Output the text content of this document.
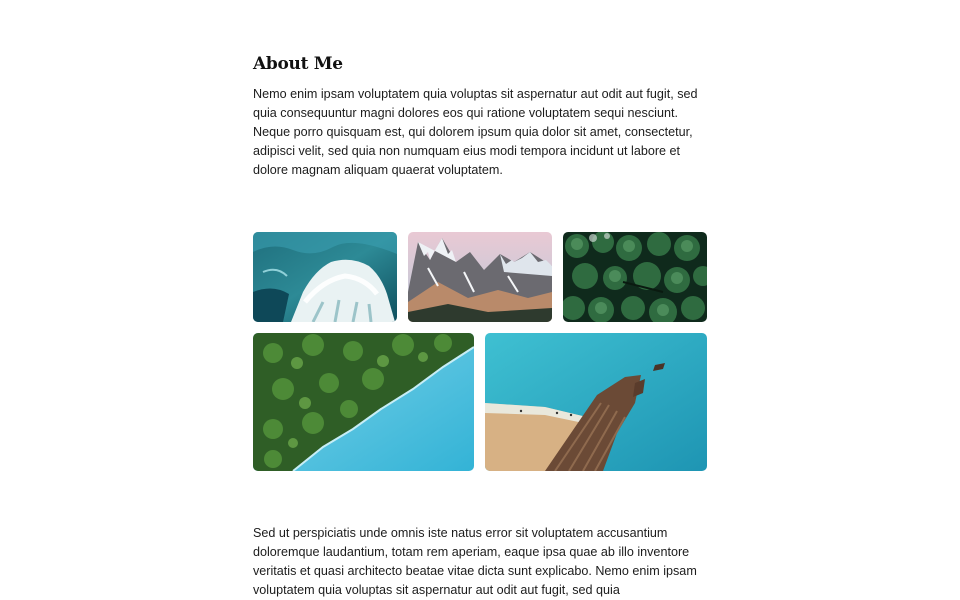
About Me

Nemo enim ipsam voluptatem quia voluptas sit aspernatur aut odit aut fugit, sed quia consequuntur magni dolores eos qui ratione voluptatem sequi nesciunt. Neque porro quisquam est, qui dolorem ipsum quia dolor sit amet, consectetur, adipisci velit, sed quia non numquam eius modi tempora incidunt ut labore et dolore magnam aliquam quaerat voluptatem.

Sed ut perspiciatis unde omnis iste natus error sit voluptatem accusantium doloremque laudantium, totam rem aperiam, eaque ipsa quae ab illo inventore veritatis et quasi architecto beatae vitae dicta sunt explicabo. Nemo enim ipsam voluptatem quia voluptas sit aspernatur aut odit aut fugit, sed quia
